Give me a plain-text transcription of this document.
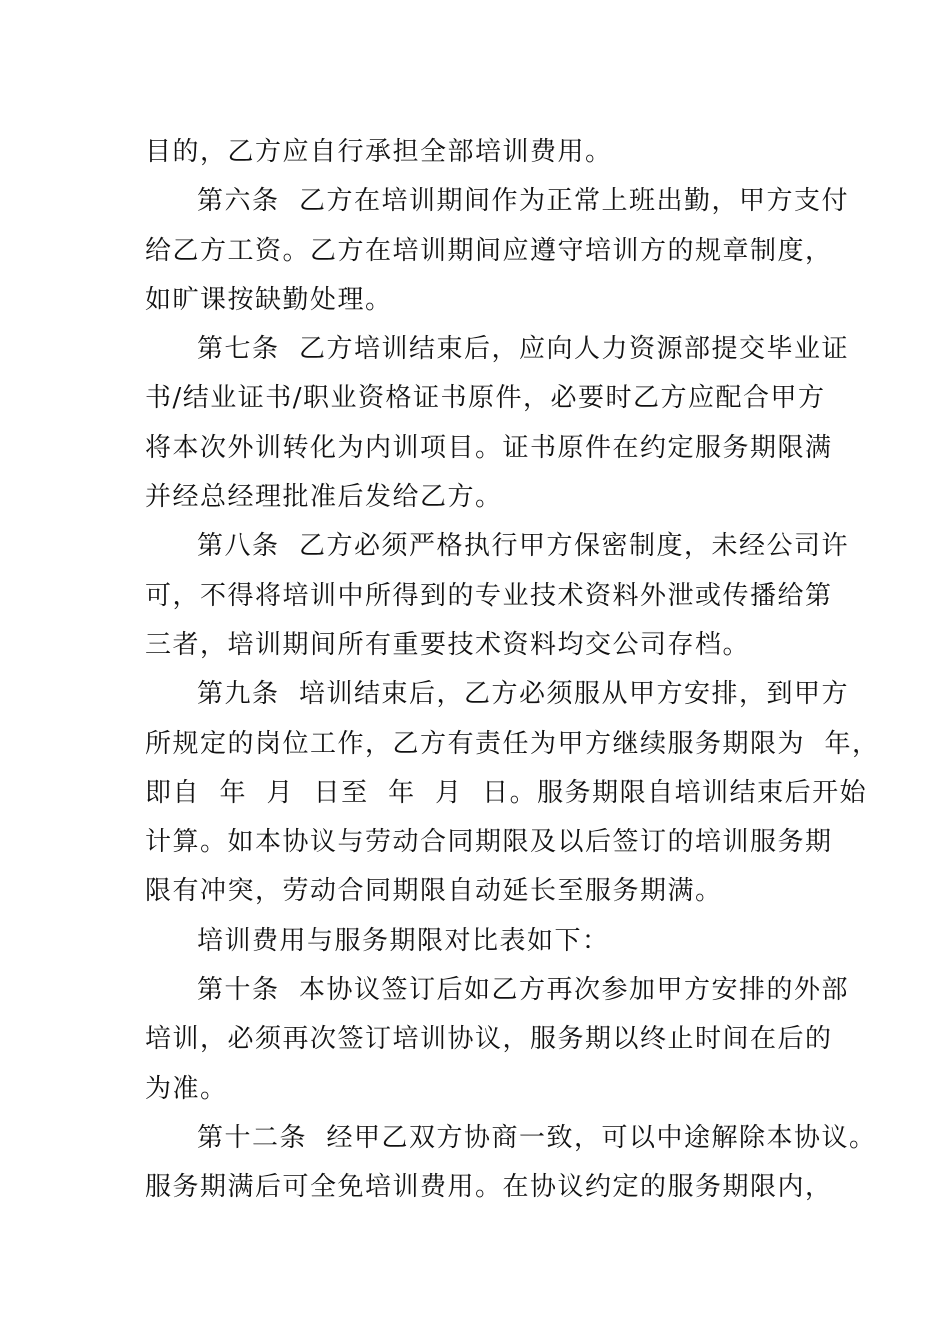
目的，乙方应自行承担全部培训费用。
第六条  乙方在培训期间作为正常上班出勤，甲方支付
给乙方工资。乙方在培训期间应遵守培训方的规章制度，
如旷课按缺勤处理。
第七条  乙方培训结束后，应向人力资源部提交毕业证
书/结业证书/职业资格证书原件，必要时乙方应配合甲方
将本次外训转化为内训项目。证书原件在约定服务期限满
并经总经理批准后发给乙方。
第八条  乙方必须严格执行甲方保密制度，未经公司许
可，不得将培训中所得到的专业技术资料外泄或传播给第
三者，培训期间所有重要技术资料均交公司存档。
第九条  培训结束后，乙方必须服从甲方安排，到甲方
所规定的岗位工作，乙方有责任为甲方继续服务期限为  年，
即自  年  月  日至  年  月  日。服务期限自培训结束后开始
计算。如本协议与劳动合同期限及以后签订的培训服务期
限有冲突，劳动合同期限自动延长至服务期满。
培训费用与服务期限对比表如下：
第十条  本协议签订后如乙方再次参加甲方安排的外部
培训，必须再次签订培训协议，服务期以终止时间在后的
为准。
第十二条  经甲乙双方协商一致，可以中途解除本协议。
服务期满后可全免培训费用。在协议约定的服务期限内，
